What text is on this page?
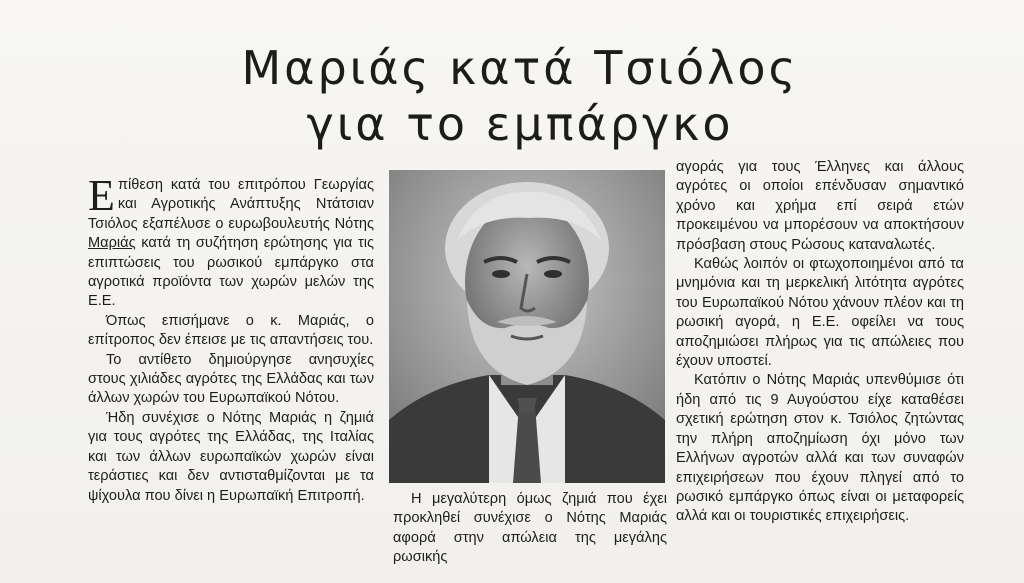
Μαριάς κατά Τσιόλος
για το εμπάργκο

Επίθεση κατά του επιτρόπου Γεωργίας και Αγροτικής Ανάπτυξης Ντάτσιαν Τσιόλος εξαπέλυσε ο ευρωβουλευτής Νότης Μαριάς κατά τη συζήτηση ερώτησης για τις επιπτώσεις του ρωσικού εμπάργκο στα αγροτικά προϊόντα των χωρών μελών της Ε.Ε.

Όπως επισήμανε ο κ. Μαριάς, ο επίτροπος δεν έπεισε με τις απαντήσεις του.

Το αντίθετο δημιούργησε ανησυχίες στους χιλιάδες αγρότες της Ελλάδας και των άλλων χωρών του Ευρωπαϊκού Νότου.

Ήδη συνέχισε ο Νότης Μαριάς η ζημιά για τους αγρότες της Ελλάδας, της Ιταλίας και των άλλων ευρωπαϊκών χωρών είναι τεράστιες και δεν αντισταθμίζονται με τα ψίχουλα που δίνει η Ευρωπαϊκή Επιτροπή.	Η μεγαλύτερη όμως ζημιά που έχει προκληθεί συνέχισε ο Νότης Μαριάς αφορά στην απώλεια της μεγάλης ρωσικής

αγοράς για τους Έλληνες και άλλους αγρότες οι οποίοι επένδυσαν σημαντικό χρόνο και χρήμα επί σειρά ετών προκειμένου να μπορέσουν να αποκτήσουν πρόσβαση στους Ρώσους καταναλωτές.

Καθώς λοιπόν οι φτωχοποιημένοι από τα μνημόνια και τη μερκελική λιτότητα αγρότες του Ευρωπαϊκού Νότου χάνουν πλέον και τη ρωσική αγορά, η Ε.Ε. οφείλει να τους αποζημιώσει πλήρως για τις απώλειες που έχουν υποστεί.

Κατόπιν ο Νότης Μαριάς υπενθύμισε ότι ήδη από τις 9 Αυγούστου είχε καταθέσει σχετική ερώτηση στον κ. Τσιόλος ζητώντας την πλήρη αποζημίωση όχι μόνο των Ελλήνων αγροτών αλλά και των συναφών επιχειρήσεων που έχουν πληγεί από το ρωσικό εμπάργκο όπως είναι οι μεταφορείς αλλά και οι τουριστικές επιχειρήσεις.
